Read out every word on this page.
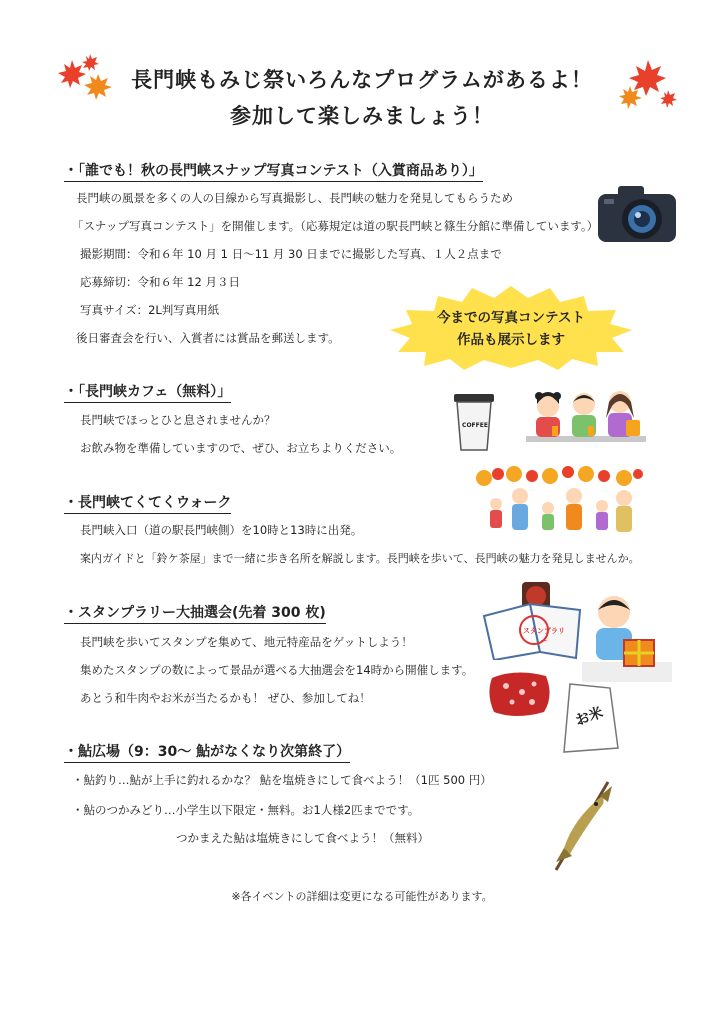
長門峡もみじ祭いろんなプログラムがあるよ！
参加して楽しみましょう！
・「誰でも！秋の長門峡スナップ写真コンテスト（入賞商品あり）」
長門峡の風景を多くの人の目線から写真撮影し、長門峡の魅力を発見してもらうため
「スナップ写真コンテスト」を開催します。（応募規定は道の駅長門峡と篠生分館に準備しています。）
撮影期間：令和６年 10 月 1 日～11 月 30 日までに撮影した写真、１人２点まで
応募締切：令和６年 12 月３日
写真サイズ：2L判写真用紙
後日審査会を行い、入賞者には賞品を郵送します。
今までの写真コンテスト
作品も展示します
・「長門峡カフェ（無料）」
長門峡でほっとひと息されませんか？
お飲み物を準備していますので、ぜひ、お立ちよりください。
COFFEE
・長門峡てくてくウォーク
長門峡入口（道の駅長門峡側）を10時と13時に出発。
案内ガイドと「鈴ケ茶屋」まで一緒に歩き名所を解説します。長門峡を歩いて、長門峡の魅力を発見しませんか。
・スタンプラリー大抽選会(先着 300 枚)
長門峡を歩いてスタンプを集めて、地元特産品をゲットしよう！
集めたスタンプの数によって景品が選べる大抽選会を14時から開催します。
あとう和牛肉やお米が当たるかも！ ぜひ、参加してね！
スタンプラリー
お米
・鮎広場（9：30～ 鮎がなくなり次第終了）
・鮎釣り…鮎が上手に釣れるかな？ 鮎を塩焼きにして食べよう！（1匹 500 円）
・鮎のつかみどり…小学生以下限定・無料。お1人様2匹までです。
つかまえた鮎は塩焼きにして食べよう！（無料）
※各イベントの詳細は変更になる可能性があります。
